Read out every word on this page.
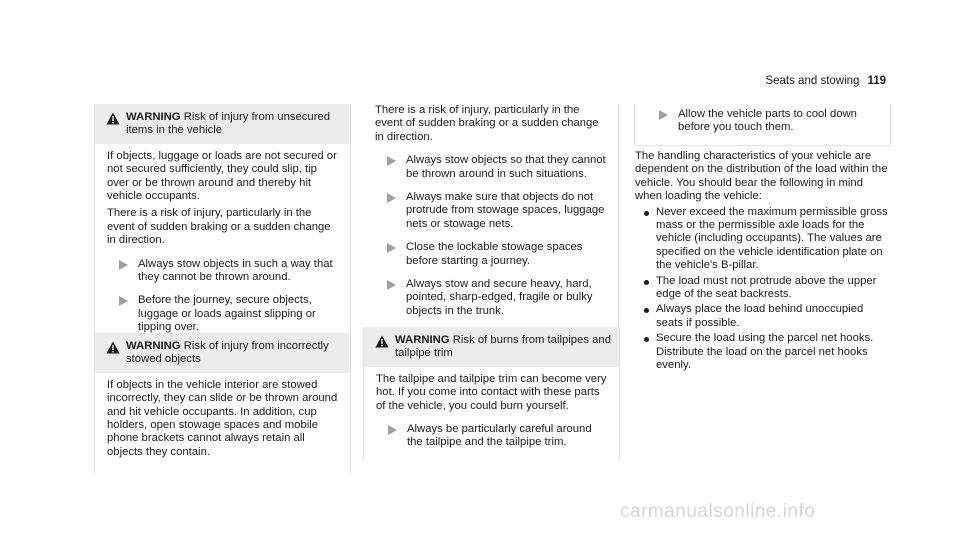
Seats and stowing 119
WARNING Risk of injury from unsecured items in the vehicle

If objects, luggage or loads are not secured or not secured sufficiently, they could slip, tip over or be thrown around and thereby hit vehicle occupants.

There is a risk of injury, particularly in the event of sudden braking or a sudden change in direction.

Always stow objects in such a way that they cannot be thrown around.
Before the journey, secure objects, luggage or loads against slipping or tipping over.
WARNING Risk of injury from incorrectly stowed objects

If objects in the vehicle interior are stowed incorrectly, they can slide or be thrown around and hit vehicle occupants. In addition, cup holders, open stowage spaces and mobile phone brackets cannot always retain all objects they contain.

There is a risk of injury, particularly in the event of sudden braking or a sudden change in direction.

Always stow objects so that they cannot be thrown around in such situations.
Always make sure that objects do not protrude from stowage spaces, luggage nets or stowage nets.
Close the lockable stowage spaces before starting a journey.
Always stow and secure heavy, hard, pointed, sharp-edged, fragile or bulky objects in the trunk.
WARNING Risk of burns from tailpipes and tailpipe trim

The tailpipe and tailpipe trim can become very hot. If you come into contact with these parts of the vehicle, you could burn yourself.

Always be particularly careful around the tailpipe and the tailpipe trim.
Allow the vehicle parts to cool down before you touch them.

The handling characteristics of your vehicle are dependent on the distribution of the load within the vehicle. You should bear the following in mind when loading the vehicle:

Never exceed the maximum permissible gross mass or the permissible axle loads for the vehicle (including occupants). The values are specified on the vehicle identification plate on the vehicle's B-pillar.
The load must not protrude above the upper edge of the seat backrests.
Always place the load behind unoccupied seats if possible.
Secure the load using the parcel net hooks. Distribute the load on the parcel net hooks evenly.
carmanualsonline.info
